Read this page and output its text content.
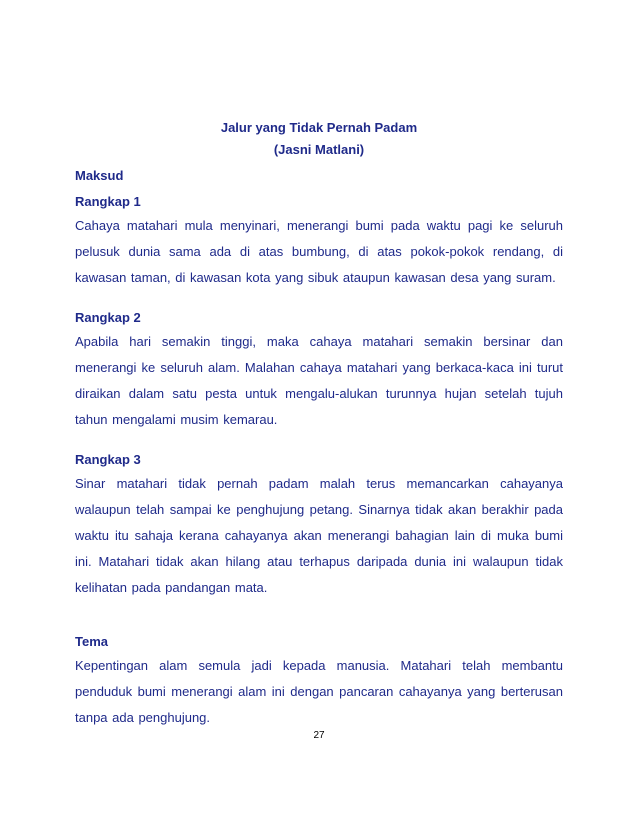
Jalur yang Tidak Pernah Padam
(Jasni Matlani)

Maksud

Rangkap 1

Cahaya matahari mula menyinari, menerangi bumi pada waktu pagi ke seluruh pelusuk dunia sama ada di atas bumbung, di atas pokok-pokok rendang, di kawasan taman, di kawasan kota yang sibuk ataupun kawasan desa yang suram.

Rangkap 2

Apabila hari semakin tinggi, maka cahaya matahari semakin bersinar dan menerangi ke seluruh alam. Malahan cahaya matahari yang berkaca-kaca ini turut diraikan dalam satu pesta untuk mengalu-alukan turunnya hujan setelah tujuh tahun mengalami musim kemarau.

Rangkap 3

Sinar matahari tidak pernah padam malah terus memancarkan cahayanya walaupun telah sampai ke penghujung petang. Sinarnya tidak akan berakhir pada waktu itu sahaja kerana cahayanya akan menerangi bahagian lain di muka bumi ini. Matahari tidak akan hilang atau terhapus daripada dunia ini walaupun tidak kelihatan pada pandangan mata.

Tema

Kepentingan alam semula jadi kepada manusia. Matahari telah membantu penduduk bumi menerangi alam ini dengan pancaran cahayanya yang berterusan tanpa ada penghujung.

27
